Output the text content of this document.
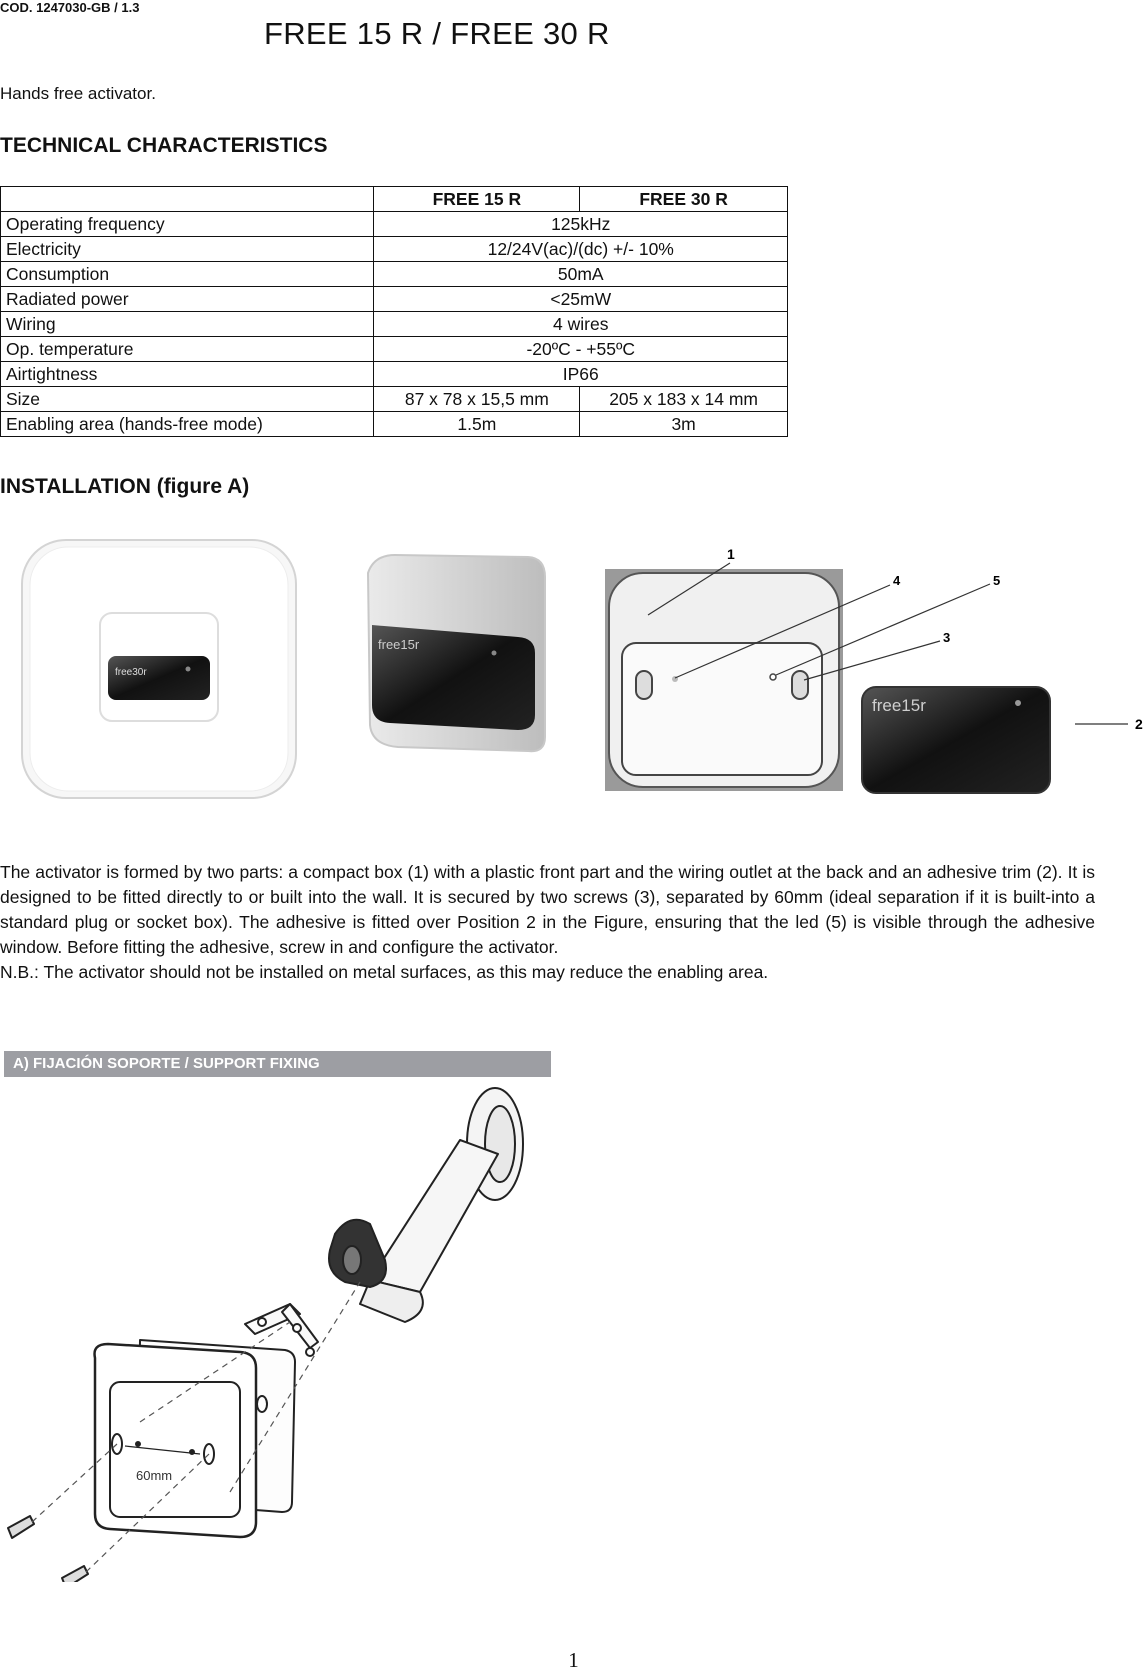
COD. 1247030-GB / 1.3
FREE 15 R / FREE 30 R
Hands free activator.
TECHNICAL CHARACTERISTICS
	FREE 15 R	FREE 30 R
Operating frequency	125kHz	
Electricity	12/24V(ac)/(dc) +/- 10%	
Consumption	50mA	
Radiated power	<25mW	
Wiring	4 wires	
Op. temperature	-20ºC - +55ºC	
Airtightness	IP66	
Size	87 x 78 x 15,5 mm	205 x 183 x 14 mm
Enabling area (hands-free mode)	1.5m	3m
INSTALLATION (figure A)
free30r
free15r
free15r
1
2
3
4	5

The activator is formed by two parts: a compact box (1) with a plastic front part and the wiring outlet at the back and an adhesive trim (2). It is designed to be fitted directly to or built into the wall. It is secured by two screws (3), separated by 60mm (ideal separation if it is built-into a standard plug or socket box). The adhesive is fitted over Position 2 in the Figure, ensuring that the led (5) is visible through the adhesive window. Before fitting the adhesive, screw in and configure the activator.

N.B.: The activator should not be installed on metal surfaces, as this may reduce the enabling area.

A) FIJACIÓN SOPORTE / SUPPORT FIXING
60mm
1
